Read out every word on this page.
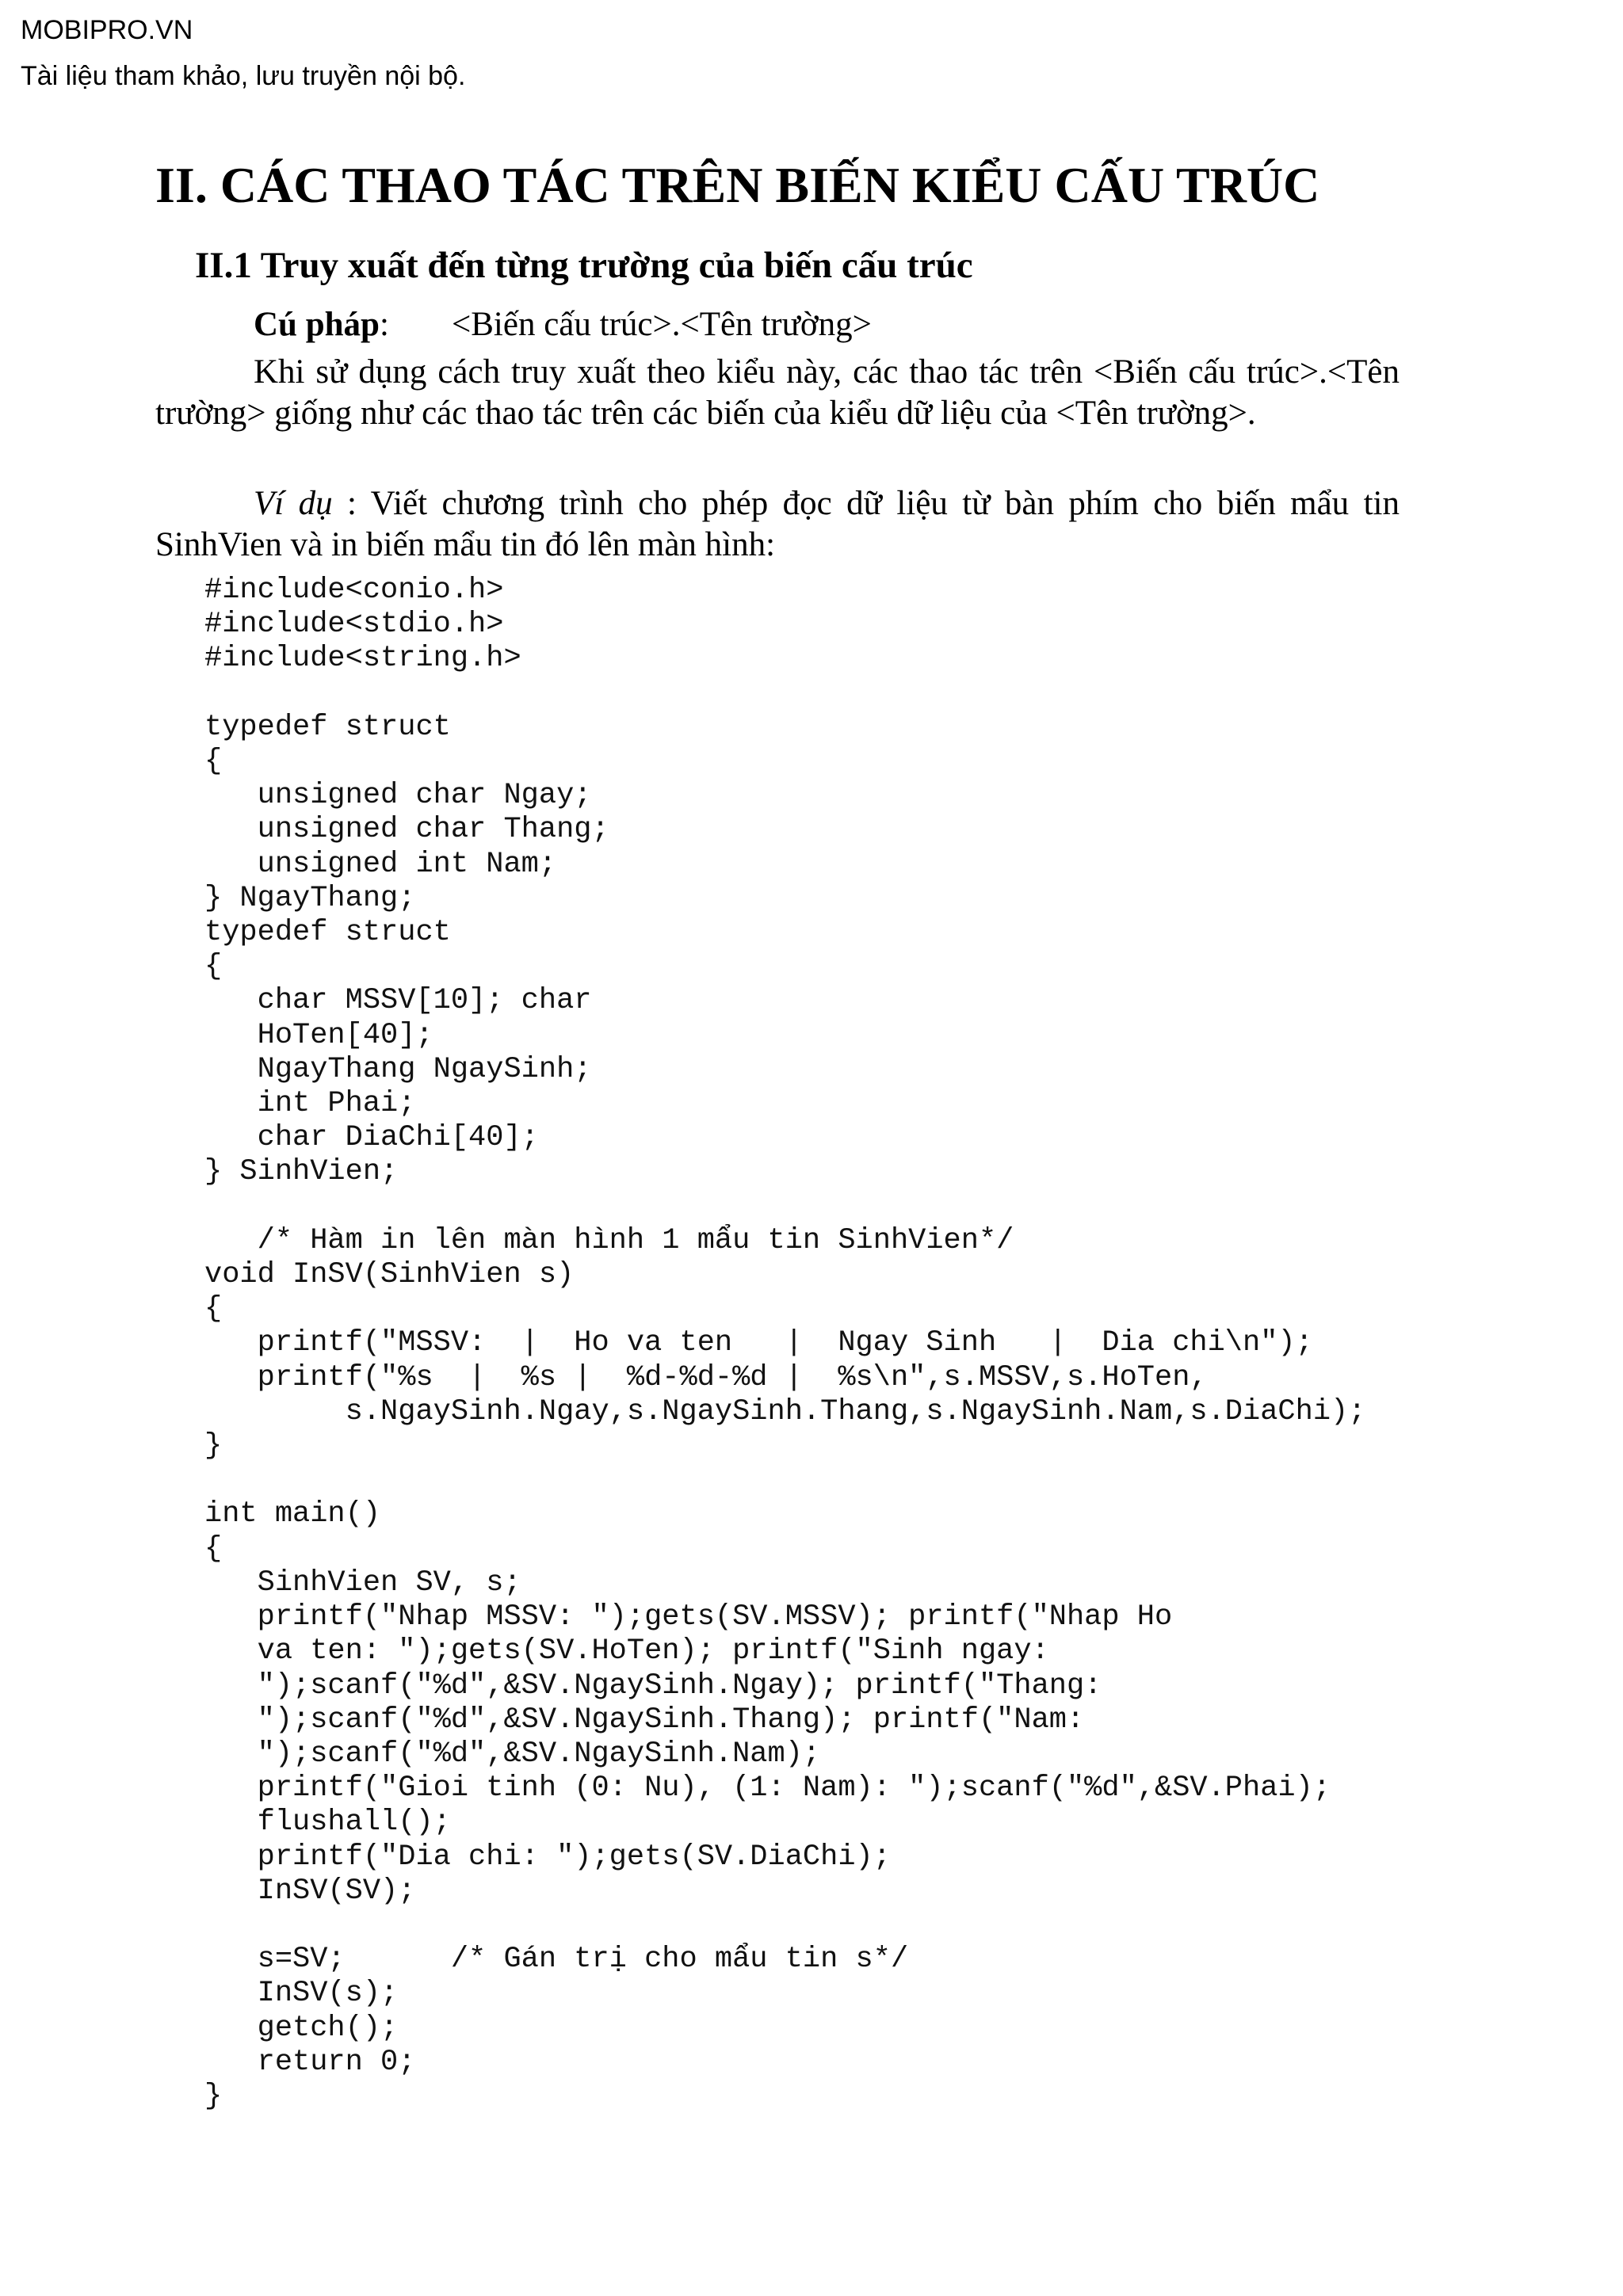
MOBIPRO.VN
Tài liệu tham khảo, lưu truyền nội bộ.
II. CÁC THAO TÁC TRÊN BIẾN KIỂU CẤU TRÚC
II.1 Truy xuất đến từng trường của biến cấu trúc
Cú pháp: <Biến cấu trúc>.<Tên trường>
Khi sử dụng cách truy xuất theo kiểu này, các thao tác trên <Biến cấu trúc>.<Tên trường> giống như các thao tác trên các biến của kiểu dữ liệu của <Tên trường>.
Ví dụ : Viết chương trình cho phép đọc dữ liệu từ bàn phím cho biến mẩu tin SinhVien và in biến mẩu tin đó lên màn hình:
#include<conio.h>
#include<stdio.h>
#include<string.h>

typedef struct
{
unsigned char Ngay;
unsigned char Thang;
unsigned int Nam;
} NgayThang;
typedef struct
{
char MSSV[10]; char
HoTen[40];
NgayThang NgaySinh;
int Phai;
char DiaChi[40];
} SinhVien;

/* Hàm in lên màn hình 1 mẩu tin SinhVien*/
void InSV(SinhVien s)
{
printf("MSSV:  |  Ho va ten   |  Ngay Sinh   |  Dia chi\n");
printf("%s  |  %s |  %d-%d-%d |  %s\n",s.MSSV,s.HoTen,
s.NgaySinh.Ngay,s.NgaySinh.Thang,s.NgaySinh.Nam,s.DiaChi);
}

int main()
{
SinhVien SV, s;
printf("Nhap MSSV: ");gets(SV.MSSV); printf("Nhap Ho
va ten: ");gets(SV.HoTen); printf("Sinh ngay:
");scanf("%d",&SV.NgaySinh.Ngay); printf("Thang:
");scanf("%d",&SV.NgaySinh.Thang); printf("Nam:
");scanf("%d",&SV.NgaySinh.Nam);
printf("Gioi tinh (0: Nu), (1: Nam): ");scanf("%d",&SV.Phai);
flushall();
printf("Dia chi: ");gets(SV.DiaChi);
InSV(SV);

s=SV;      /* Gán trị cho mẩu tin s*/
InSV(s);
getch();
return 0;
}
